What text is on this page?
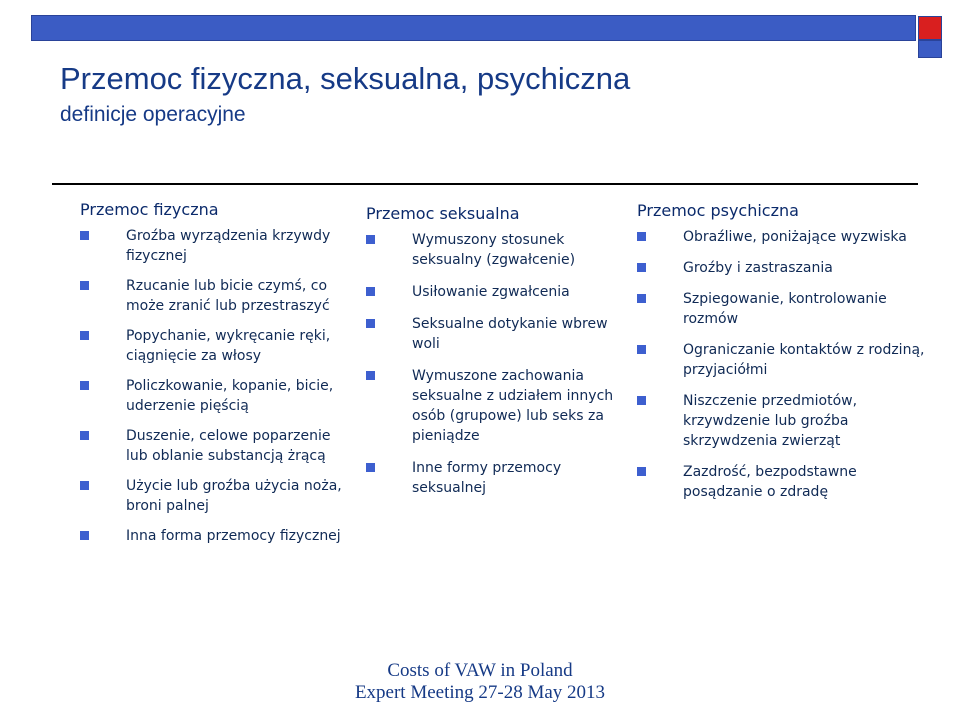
Przemoc fizyczna, seksualna, psychiczna
definicje operacyjne
Przemoc fizyczna
Groźba wyrządzenia krzywdy fizycznej
Rzucanie lub bicie czymś, co może zranić lub przestraszyć
Popychanie, wykręcanie ręki, ciągnięcie za włosy
Policzkowanie, kopanie, bicie, uderzenie pięścią
Duszenie, celowe poparzenie lub oblanie substancją żrącą
Użycie lub groźba użycia noża, broni palnej
Inna forma przemocy fizycznej
Przemoc seksualna
Wymuszony stosunek seksualny (zgwałcenie)
Usiłowanie zgwałcenia
Seksualne dotykanie wbrew woli
Wymuszone zachowania seksualne z udziałem innych osób (grupowe) lub seks za pieniądze
Inne formy przemocy seksualnej
Przemoc psychiczna
Obraźliwe, poniżające wyzwiska
Groźby i zastraszania
Szpiegowanie, kontrolowanie rozmów
Ograniczanie kontaktów z rodziną, przyjaciółmi
Niszczenie przedmiotów, krzywdzenie lub groźba skrzywdzenia zwierząt
Zazdrość, bezpodstawne posądzanie o zdradę
Costs of VAW in Poland
Expert Meeting 27-28 May 2013
